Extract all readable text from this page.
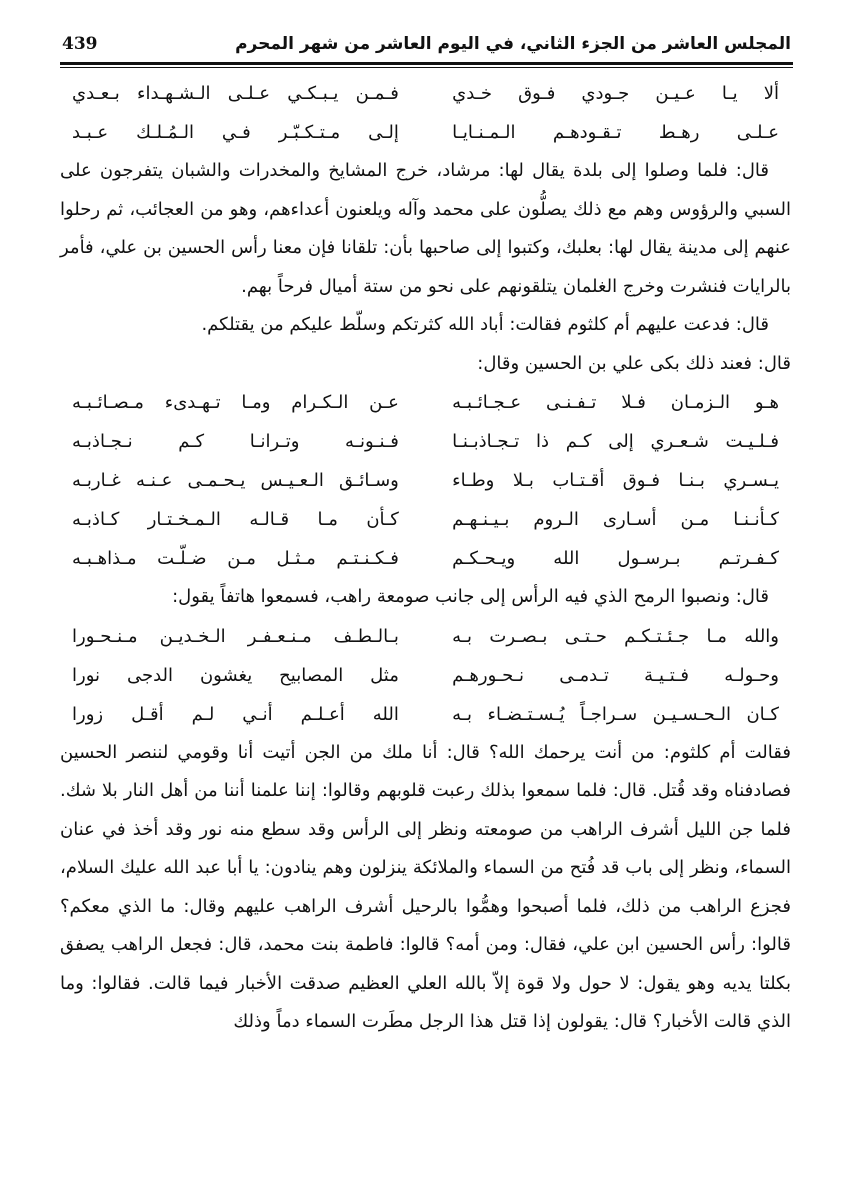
المجلس العاشر من الجزء الثاني، في اليوم العاشر من شهر المحرم
439
ألا يـا عـيـن جـودي فـوق خـدي
فـمـن يـبـكـي عـلـى الـشـهـداء بـعـدي
عـلـى رهـط تـقـودهـم الـمـنـايـا
إلـى مـتـكـبّـر فـي الـمُـلـك عـبـد

قال: فلما وصلوا إلى بلدة يقال لها: مرشاد، خرج المشايخ والمخدرات والشبان يتفرجون على السبي والرؤوس وهم مع ذلك يصلُّون على محمد وآله ويلعنون أعداءهم، وهو من العجائب، ثم رحلوا عنهم إلى مدينة يقال لها: بعلبك، وكتبوا إلى صاحبها بأن: تلقانا فإن معنا رأس الحسين بن علي، فأمر بالرايات فنشرت وخرج الغلمان يتلقونهم على نحو من ستة أميال فرحاً بهم.

قال: فدعت عليهم أم كلثوم فقالت: أباد الله كثرتكم وسلّط عليكم من يقتلكم.

قال: فعند ذلك بكى علي بن الحسين وقال:

هـو الـزمـان فـلا تـفـنـى عـجـائـبـه
عـن الـكـرام ومـا تـهـدىء مـصـائـبـه
فـلـيـت شـعـري إلى كـم ذا تـجـاذبـنـا
فـنـونـه وتـرانـا كـم نـجـاذبـه
يـسـري بـنـا فـوق أقـتـاب بـلا وطـاء
وسـائـق الـعـيـس يـحـمـى عـنـه غـاربـه
كـأنـنـا مـن أسـارى الـروم بـيـنـهـم
كـأن مـا قـالـه الـمـخـتـار كـاذبـه
كـفـرتـم بـرسـول الله ويـحـكـم
فـكـنـتـم مـثـل مـن ضـلّـت مـذاهـبـه

قال: ونصبوا الرمح الذي فيه الرأس إلى جانب صومعة راهب، فسمعوا هاتفاً يقول:

والله مـا جـئـتـكـم حـتـى بـصـرت بـه
بـالـطـف مـنـعـفـر الـخـديـن مـنـحـورا
وحـولـه فـتـيـة تـدمـى نـحـورهـم
مثل المصابيح يغشون الدجى نورا
كـان الـحـسـيـن سـراجـاً يُـسـتـضـاء بـه
الله أعـلـم أنـي لـم أقـل زورا

فقالت أم كلثوم: من أنت يرحمك الله؟ قال: أنا ملك من الجن أتيت أنا وقومي لننصر الحسين فصادفناه وقد قُتل. قال: فلما سمعوا بذلك رعبت قلوبهم وقالوا: إننا علمنا أننا من أهل النار بلا شك. فلما جن الليل أشرف الراهب من صومعته ونظر إلى الرأس وقد سطع منه نور وقد أخذ في عنان السماء، ونظر إلى باب قد فُتح من السماء والملائكة ينزلون وهم ينادون: يا أبا عبد الله عليك السلام، فجزع الراهب من ذلك، فلما أصبحوا وهمُّوا بالرحيل أشرف الراهب عليهم وقال: ما الذي معكم؟ قالوا: رأس الحسين ابن علي، فقال: ومن أمه؟ قالوا: فاطمة بنت محمد، قال: فجعل الراهب يصفق بكلتا يديه وهو يقول: لا حول ولا قوة إلاّ بالله العلي العظيم صدقت الأخبار فيما قالت. فقالوا: وما الذي قالت الأخبار؟ قال: يقولون إذا قتل هذا الرجل مطَرت السماء دماً وذلك
